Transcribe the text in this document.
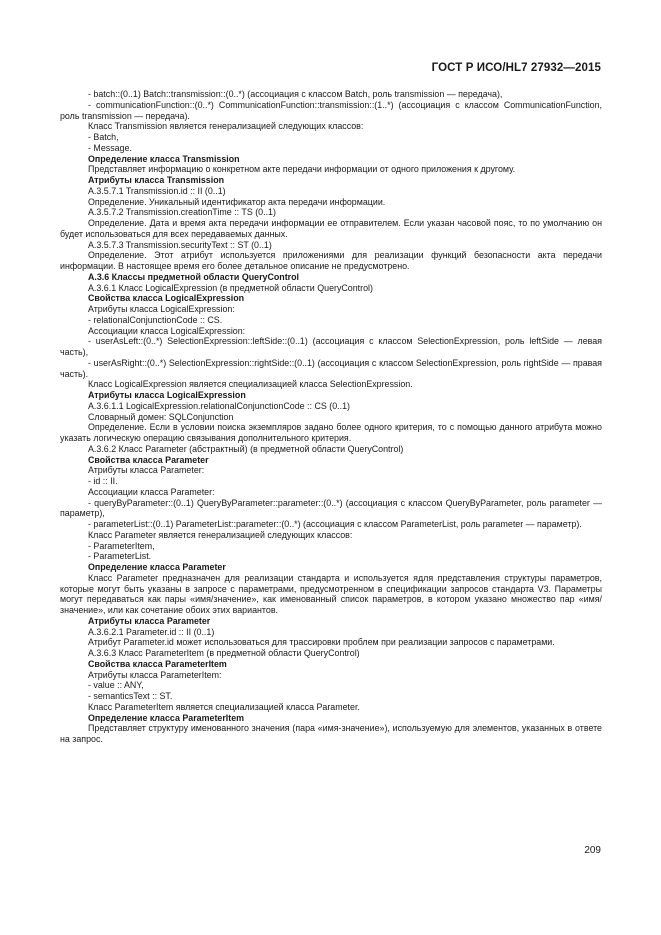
ГОСТ Р ИСО/HL7 27932—2015

- batch::(0..1) Batch::transmission::(0..*) (ассоциация с классом Batch, роль transmission — передача),

- communicationFunction::(0..*) CommunicationFunction::transmission::(1..*) (ассоциация с классом CommunicationFunction, роль transmission — передача).

Класс Transmission является генерализацией следующих классов:

- Batch,

- Message.

Определение класса Transmission

Представляет информацию о конкретном акте передачи информации от одного приложения к другому.

Атрибуты класса Transmission

A.3.5.7.1 Transmission.id :: II (0..1)

Определение. Уникальный идентификатор акта передачи информации.

A.3.5.7.2 Transmission.creationTime :: TS (0..1)

Определение. Дата и время акта передачи информации ее отправителем. Если указан часовой пояс, то по умолчанию он будет использоваться для всех передаваемых данных.

A.3.5.7.3 Transmission.securityText :: ST (0..1)

Определение. Этот атрибут используется приложениями для реализации функций безопасности акта передачи информации. В настоящее время его более детальное описание не предусмотрено.

A.3.6 Классы предметной области QueryControl

A.3.6.1 Класс LogicalExpression (в предметной области QueryControl)

Свойства класса LogicalExpression

Атрибуты класса LogicalExpression:

- relationalConjunctionCode :: CS.

Ассоциации класса LogicalExpression:

- userAsLeft::(0..*) SelectionExpression::leftSide::(0..1) (ассоциация с классом SelectionExpression, роль leftSide — левая часть),

- userAsRight::(0..*) SelectionExpression::rightSide::(0..1) (ассоциация с классом SelectionExpression, роль rightSide — правая часть).

Класс LogicalExpression является специализацией класса SelectionExpression.

Атрибуты класса LogicalExpression

A.3.6.1.1 LogicalExpression.relationalConjunctionCode :: CS (0..1)

Словарный домен: SQLConjunction

Определение. Если в условии поиска экземпляров задано более одного критерия, то с помощью данного атрибута можно указать логическую операцию связывания дополнительного критерия.

A.3.6.2 Класс Parameter (абстрактный) (в предметной области QueryControl)

Свойства класса Parameter

Атрибуты класса Parameter:

- id :: II.

Ассоциации класса Parameter:

- queryByParameter::(0..1) QueryByParameter::parameter::(0..*) (ассоциация с классом QueryByParameter, роль parameter — параметр),

- parameterList::(0..1) ParameterList::parameter::(0..*) (ассоциация с классом ParameterList, роль parameter — параметр).

Класс Parameter является генерализацией следующих классов:

- ParameterItem,

- ParameterList.

Определение класса Parameter

Класс Parameter предназначен для реализации стандарта и используется ядля представления структуры параметров, которые могут быть указаны в запросе с параметрами, предусмотренном в спецификации запросов стандарта V3. Параметры могут передаваться как пары «имя/значение», как именованный список параметров, в котором указано множество пар «имя/значение», или как сочетание обоих этих вариантов.

Атрибуты класса Parameter

A.3.6.2.1 Parameter.id :: II (0..1)

Атрибут Parameter.id может использоваться для трассировки проблем при реализации запросов с параметрами.

A.3.6.3 Класс ParameterItem (в предметной области QueryControl)

Свойства класса ParameterItem

Атрибуты класса ParameterItem:

- value :: ANY,

- semanticsText :: ST.

Класс ParameterItem является специализацией класса Parameter.

Определение класса ParameterItem

Представляет структуру именованного значения (пара «имя-значение»), используемую для элементов, указанных в ответе на запрос.

209
